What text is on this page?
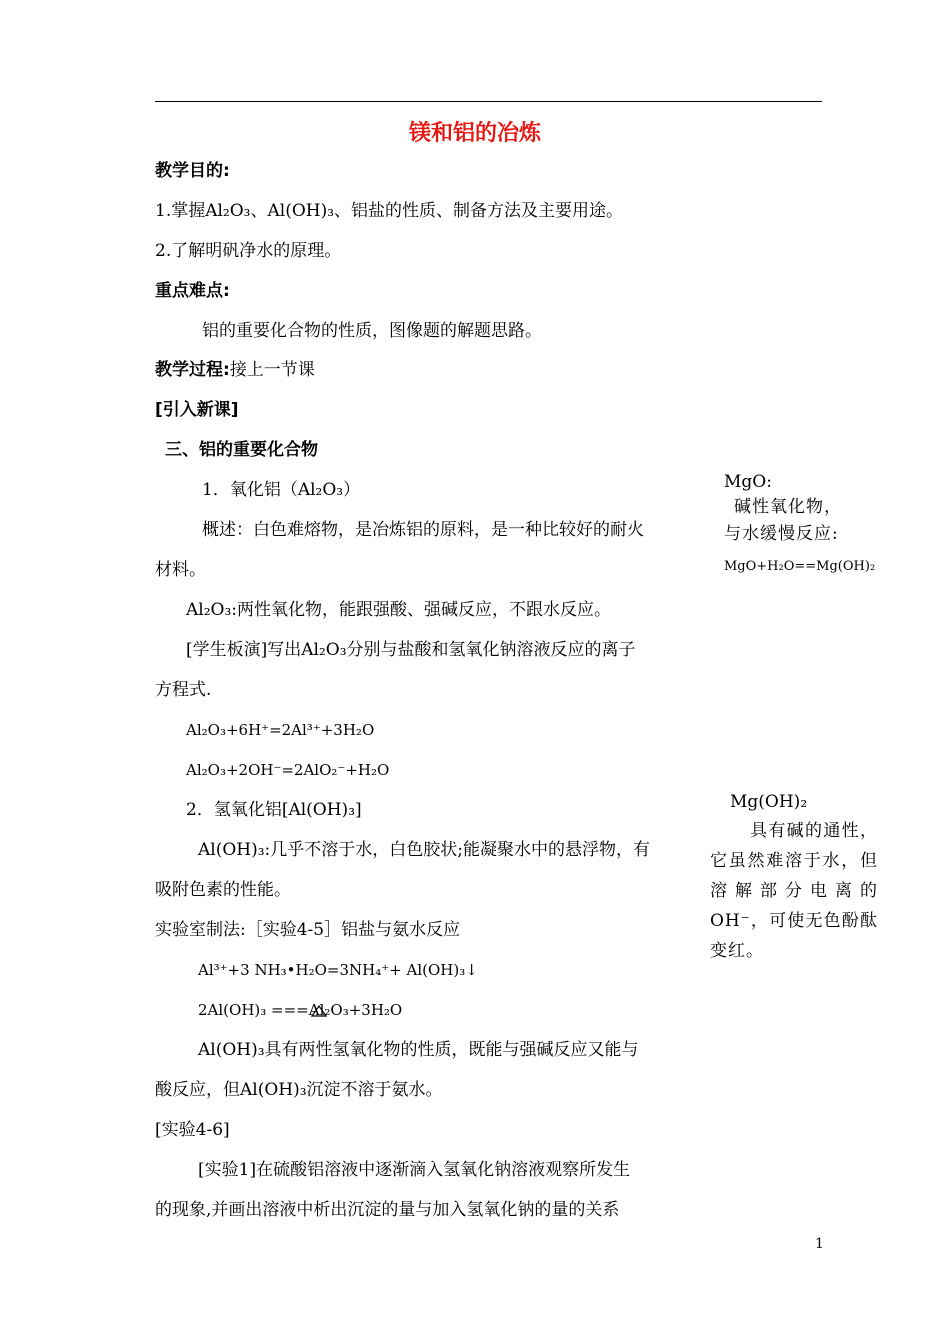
镁和铝的冶炼
教学目的:
1.掌握Al₂O₃、Al(OH)₃、铝盐的性质、制备方法及主要用途。
2.了解明矾净水的原理。
重点难点:
铝的重要化合物的性质，图像题的解题思路。
教学过程:接上一节课
[引入新课]
三、铝的重要化合物
1．氧化铝（Al₂O₃）
概述：白色难熔物，是冶炼铝的原料，是一种比较好的耐火
材料。
Al₂O₃:两性氧化物，能跟强酸、强碱反应，不跟水反应。
[学生板演]写出Al₂O₃分别与盐酸和氢氧化钠溶液反应的离子
方程式.
Al₂O₃+6H⁺=2Al³⁺+3H₂O
Al₂O₃+2OH⁻=2AlO₂⁻+H₂O
2．氢氧化铝[Al(OH)₃]
Al(OH)₃:几乎不溶于水，白色胶状;能凝聚水中的悬浮物，有
吸附色素的性能。
实验室制法:［实验4-5］铝盐与氨水反应
Al³⁺+3 NH₃•H₂O=3NH₄⁺+ Al(OH)₃↓
2Al(OH)₃ ===
Al₂O₃+3H₂O
Al(OH)₃具有两性氢氧化物的性质，既能与强碱反应又能与
酸反应，但Al(OH)₃沉淀不溶于氨水。
[实验4-6]
[实验1]在硫酸铝溶液中逐渐滴入氢氧化钠溶液观察所发生
的现象,并画出溶液中析出沉淀的量与加入氢氧化钠的量的关系
MgO:
碱性氧化物，
与水缓慢反应:
MgO+H₂O==Mg(OH)₂
Mg(OH)₂
具有碱的通性，它虽然难溶于水，但溶解部分电离的OH⁻，可使无色酚酞变红。
1
